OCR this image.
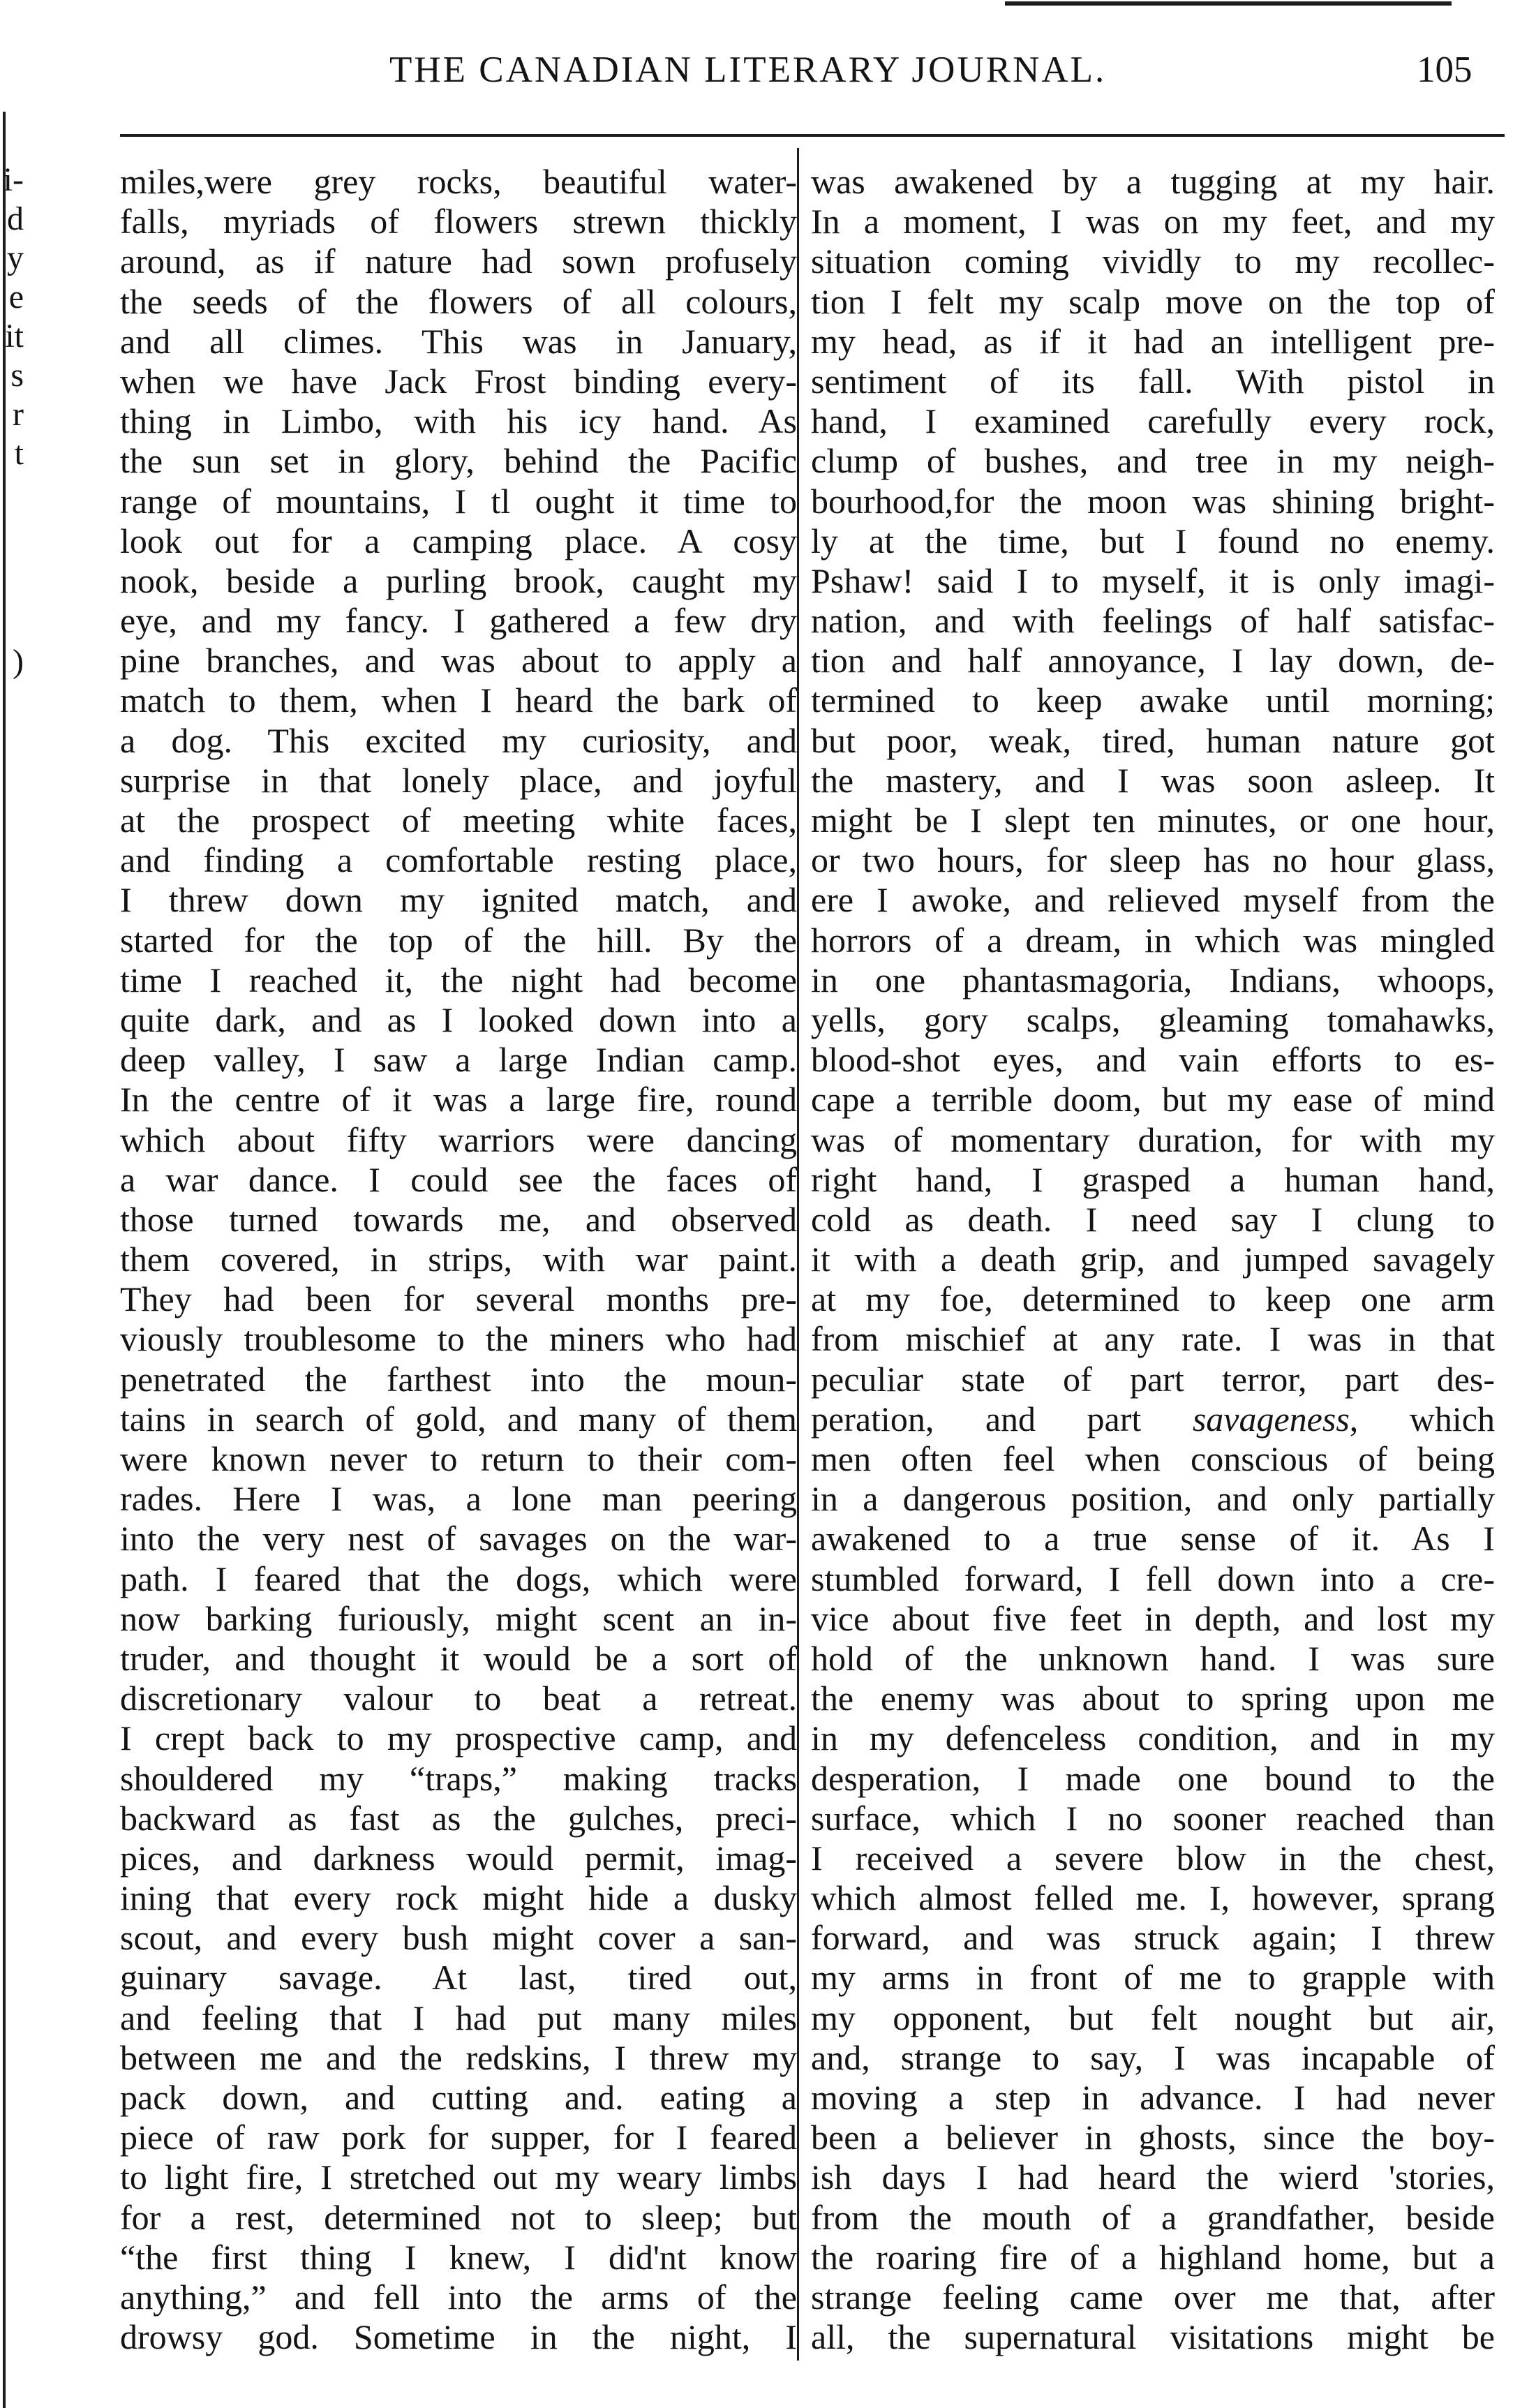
i-
d
y
e
it
s
r
t
)
THE CANADIAN LITERARY JOURNAL.	105
miles,were grey rocks, beautiful water-
falls, myriads of flowers strewn thickly
around, as if nature had sown profusely
the seeds of the flowers of all colours,
and all climes. This was in January,
when we have Jack Frost binding every-
thing in Limbo, with his icy hand. As
the sun set in glory, behind the Pacific
range of mountains, I tl ought it time to
look out for a camping place. A cosy
nook, beside a purling brook, caught my
eye, and my fancy. I gathered a few dry
pine branches, and was about to apply a
match to them, when I heard the bark of
a dog. This excited my curiosity, and
surprise in that lonely place, and joyful
at the prospect of meeting white faces,
and finding a comfortable resting place,
I threw down my ignited match, and
started for the top of the hill. By the
time I reached it, the night had become
quite dark, and as I looked down into a
deep valley, I saw a large Indian camp.
In the centre of it was a large fire, round
which about fifty warriors were dancing
a war dance. I could see the faces of
those turned towards me, and observed
them covered, in strips, with war paint.
They had been for several months pre-
viously troublesome to the miners who had
penetrated the farthest into the moun-
tains in search of gold, and many of them
were known never to return to their com-
rades. Here I was, a lone man peering
into the very nest of savages on the war-
path. I feared that the dogs, which were
now barking furiously, might scent an in-
truder, and thought it would be a sort of
discretionary valour to beat a retreat.
I crept back to my prospective camp, and
shouldered my “traps,” making tracks
backward as fast as the gulches, preci-
pices, and darkness would permit, imag-
ining that every rock might hide a dusky
scout, and every bush might cover a san-
guinary savage. At last, tired out,
and feeling that I had put many miles
between me and the redskins, I threw my
pack down, and cutting and. eating a
piece of raw pork for supper, for I feared
to light fire, I stretched out my weary limbs
for a rest, determined not to sleep; but
“the first thing I knew, I did'nt know
anything,” and fell into the arms of the
drowsy god. Sometime in the night, I
was awakened by a tugging at my hair.
In a moment, I was on my feet, and my
situation coming vividly to my recollec-
tion I felt my scalp move on the top of
my head, as if it had an intelligent pre-
sentiment of its fall. With pistol in
hand, I examined carefully every rock,
clump of bushes, and tree in my neigh-
bourhood,for the moon was shining bright-
ly at the time, but I found no enemy.
Pshaw! said I to myself, it is only imagi-
nation, and with feelings of half satisfac-
tion and half annoyance, I lay down, de-
termined to keep awake until morning;
but poor, weak, tired, human nature got
the mastery, and I was soon asleep. It
might be I slept ten minutes, or one hour,
or two hours, for sleep has no hour glass,
ere I awoke, and relieved myself from the
horrors of a dream, in which was mingled
in one phantasmagoria, Indians, whoops,
yells, gory scalps, gleaming tomahawks,
blood-shot eyes, and vain efforts to es-
cape a terrible doom, but my ease of mind
was of momentary duration, for with my
right hand, I grasped a human hand,
cold as death. I need say I clung to
it with a death grip, and jumped savagely
at my foe, determined to keep one arm
from mischief at any rate. I was in that
peculiar state of part terror, part des-
peration, and part savageness, which
men often feel when conscious of being
in a dangerous position, and only partially
awakened to a true sense of it. As I
stumbled forward, I fell down into a cre-
vice about five feet in depth, and lost my
hold of the unknown hand. I was sure
the enemy was about to spring upon me
in my defenceless condition, and in my
desperation, I made one bound to the
surface, which I no sooner reached than
I received a severe blow in the chest,
which almost felled me. I, however, sprang
forward, and was struck again; I threw
my arms in front of me to grapple with
my opponent, but felt nought but air,
and, strange to say, I was incapable of
moving a step in advance. I had never
been a believer in ghosts, since the boy-
ish days I had heard the wierd 'stories,
from the mouth of a grandfather, beside
the roaring fire of a highland home, but a
strange feeling came over me that, after
all, the supernatural visitations might be
